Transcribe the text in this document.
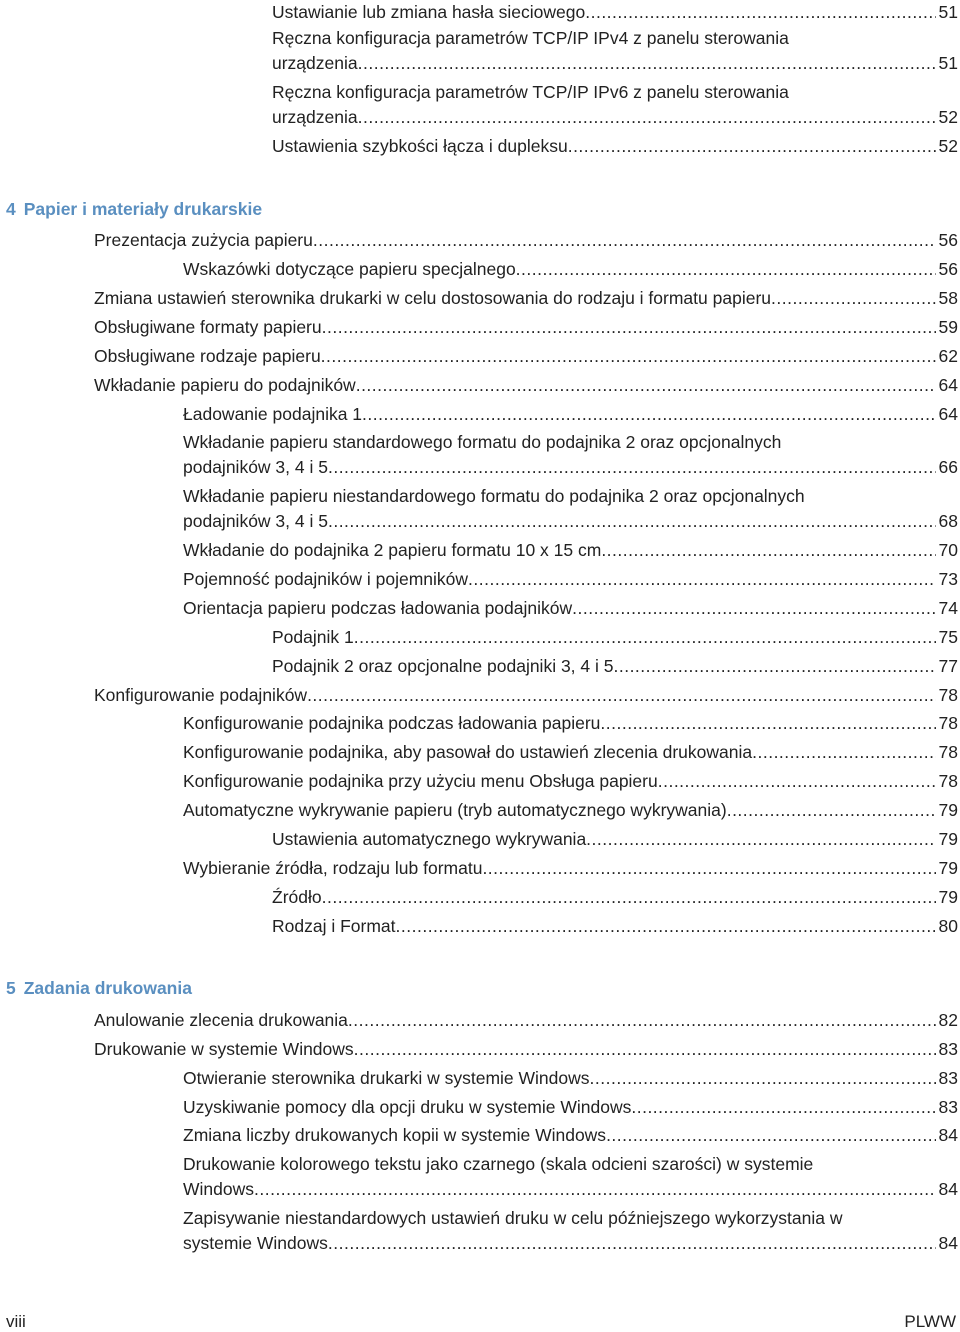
Ustawianie lub zmiana hasła sieciowego .....	51
Ręczna konfiguracja parametrów TCP/IP IPv4 z panelu sterowania
urządzenia .....	51
Ręczna konfiguracja parametrów TCP/IP IPv6 z panelu sterowania
urządzenia .....	52
Ustawienia szybkości łącza i dupleksu .....	52
4 Papier i materiały drukarskie
Prezentacja zużycia papieru .....	56
Wskazówki dotyczące papieru specjalnego .....	56
Zmiana ustawień sterownika drukarki w celu dostosowania do rodzaju i formatu papieru .....	58
Obsługiwane formaty papieru .....	59
Obsługiwane rodzaje papieru .....	62
Wkładanie papieru do podajników .....	64
Ładowanie podajnika 1 .....	64
Wkładanie papieru standardowego formatu do podajnika 2 oraz opcjonalnych
podajników 3, 4 i 5 .....	66
Wkładanie papieru niestandardowego formatu do podajnika 2 oraz opcjonalnych
podajników 3, 4 i 5 .....	68
Wkładanie do podajnika 2 papieru formatu 10 x 15 cm .....	70
Pojemność podajników i pojemników .....	73
Orientacja papieru podczas ładowania podajników .....	74
Podajnik 1 .....	75
Podajnik 2 oraz opcjonalne podajniki 3, 4 i 5 .....	77
Konfigurowanie podajników .....	78
Konfigurowanie podajnika podczas ładowania papieru .....	78
Konfigurowanie podajnika, aby pasował do ustawień zlecenia drukowania .....	78
Konfigurowanie podajnika przy użyciu menu Obsługa papieru .....	78
Automatyczne wykrywanie papieru (tryb automatycznego wykrywania) .....	79
Ustawienia automatycznego wykrywania .....	79
Wybieranie źródła, rodzaju lub formatu .....	79
Źródło .....	79
Rodzaj i Format .....	80
5 Zadania drukowania
Anulowanie zlecenia drukowania .....	82
Drukowanie w systemie Windows .....	83
Otwieranie sterownika drukarki w systemie Windows .....	83
Uzyskiwanie pomocy dla opcji druku w systemie Windows .....	83
Zmiana liczby drukowanych kopii w systemie Windows .....	84
Drukowanie kolorowego tekstu jako czarnego (skala odcieni szarości) w systemie
Windows .....	84
Zapisywanie niestandardowych ustawień druku w celu późniejszego wykorzystania w
systemie Windows .....	84
viii	PLWW
